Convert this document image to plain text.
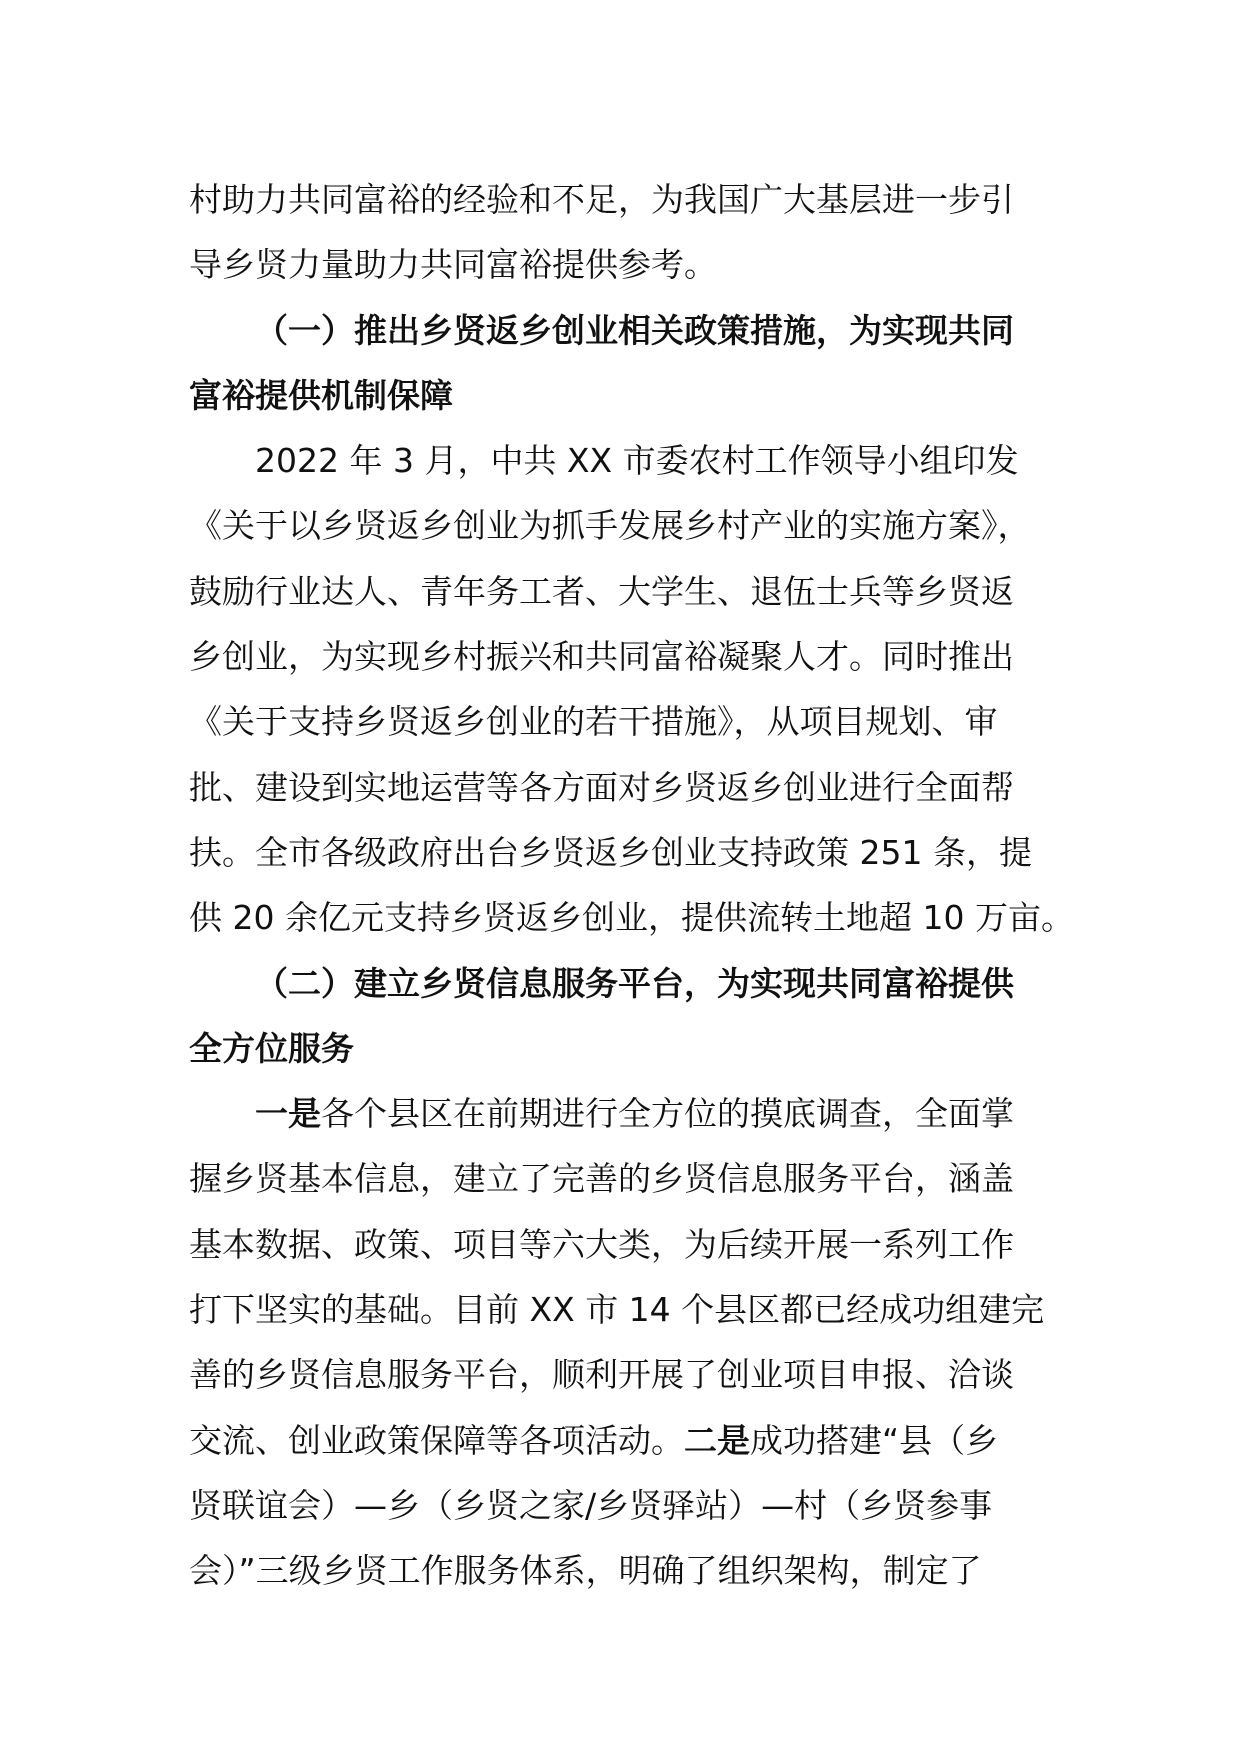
村助力共同富裕的经验和不足，为我国广大基层进一步引
导乡贤力量助力共同富裕提供参考。
（一）推出乡贤返乡创业相关政策措施，为实现共同
富裕提供机制保障
2022 年 3 月，中共 XX 市委农村工作领导小组印发
《关于以乡贤返乡创业为抓手发展乡村产业的实施方案》，
鼓励行业达人、青年务工者、大学生、退伍士兵等乡贤返
乡创业，为实现乡村振兴和共同富裕凝聚人才。同时推出
《关于支持乡贤返乡创业的若干措施》，从项目规划、审
批、建设到实地运营等各方面对乡贤返乡创业进行全面帮
扶。全市各级政府出台乡贤返乡创业支持政策 251 条，提
供 20 余亿元支持乡贤返乡创业，提供流转土地超 10 万亩。
（二）建立乡贤信息服务平台，为实现共同富裕提供
全方位服务
一是各个县区在前期进行全方位的摸底调查，全面掌
握乡贤基本信息，建立了完善的乡贤信息服务平台，涵盖
基本数据、政策、项目等六大类，为后续开展一系列工作
打下坚实的基础。目前 XX 市 14 个县区都已经成功组建完
善的乡贤信息服务平台，顺利开展了创业项目申报、洽谈
交流、创业政策保障等各项活动。二是成功搭建“县（乡
贤联谊会）—乡（乡贤之家/乡贤驿站）—村（乡贤参事
会）”三级乡贤工作服务体系，明确了组织架构，制定了
